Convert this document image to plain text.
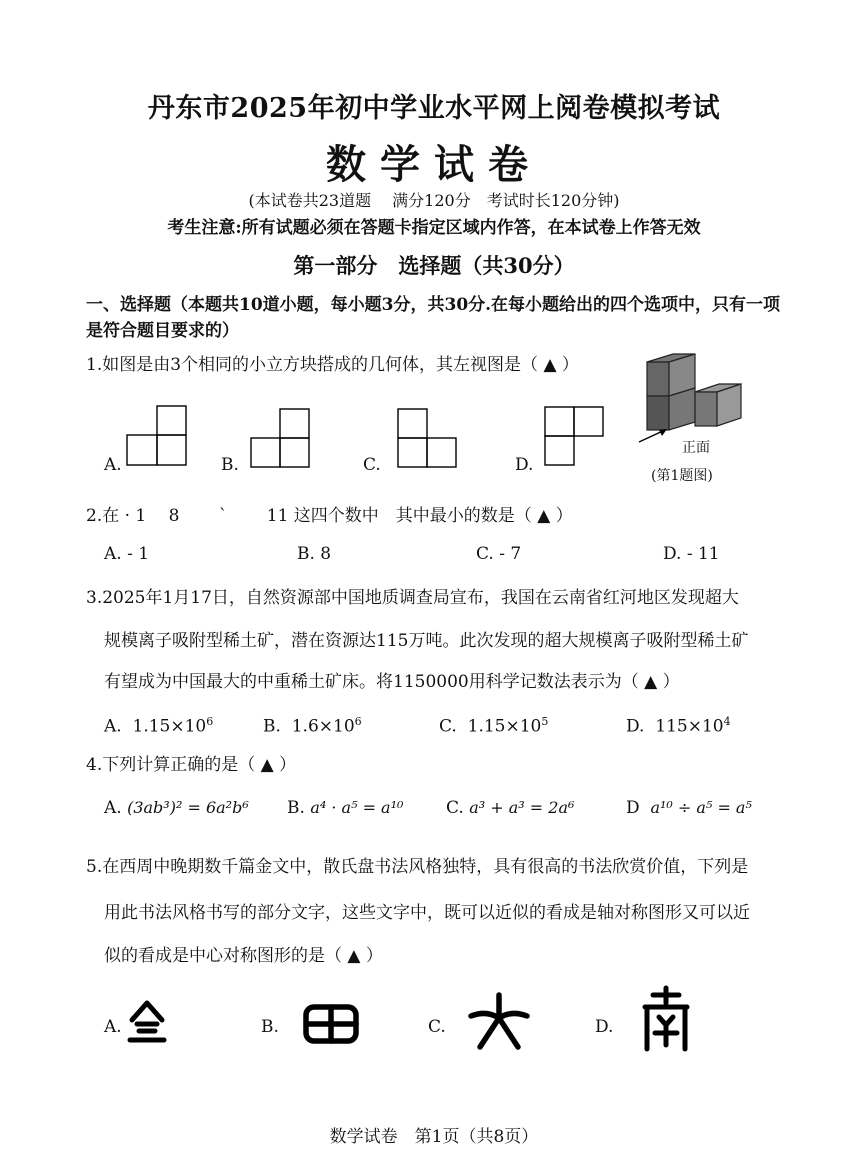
丹东市2025年初中学业水平网上阅卷模拟考试
数学试卷
(本试卷共23道题　 满分120分　考试时长120分钟)
考生注意:所有试题必须在答题卡指定区域内作答，在本试卷上作答无效
第一部分　选择题（共30分）
一、选择题（本题共10道小题，每小题3分，共30分.在每小题给出的四个选项中，只有一项是符合题目要求的）
1.如图是由3个相同的小立方块搭成的几何体，其左视图是（ ▲ ）
正面
(第1题图)
A.	B.	C.	D.
2.在 · 1　 8　　 `　　 11 这四个数中　其中最小的数是（ ▲ ）
A. - 1	B. 8	C. - 7	D. - 11
3.2025年1月17日，自然资源部中国地质调查局宣布，我国在云南省红河地区发现超大
规模离子吸附型稀土矿，潜在资源达115万吨。此次发现的超大规模离子吸附型稀土矿
有望成为中国最大的中重稀土矿床。将1150000用科学记数法表示为（ ▲ ）
A. $1.15\times 10^6$	B. $1.6\times 10^6$	C. $1.15\times 10^5$	D. $115\times 10^4$
4.下列计算正确的是（ ▲ ）
A. (3ab³)² = 6a²b⁶ B. a⁴ · a⁵ = a¹⁰	C. a³ + a³ = 2a⁶	D a¹⁰ ÷ a⁵ = a⁵
5.在西周中晚期数千篇金文中，散氏盘书法风格独特，具有很高的书法欣赏价值，下列是
用此书法风格书写的部分文字，这些文字中，既可以近似的看成是轴对称图形又可以近
似的看成是中心对称图形的是（ ▲ ）
A.	B.	C.	D.
数学试卷　第1页（共8页）
